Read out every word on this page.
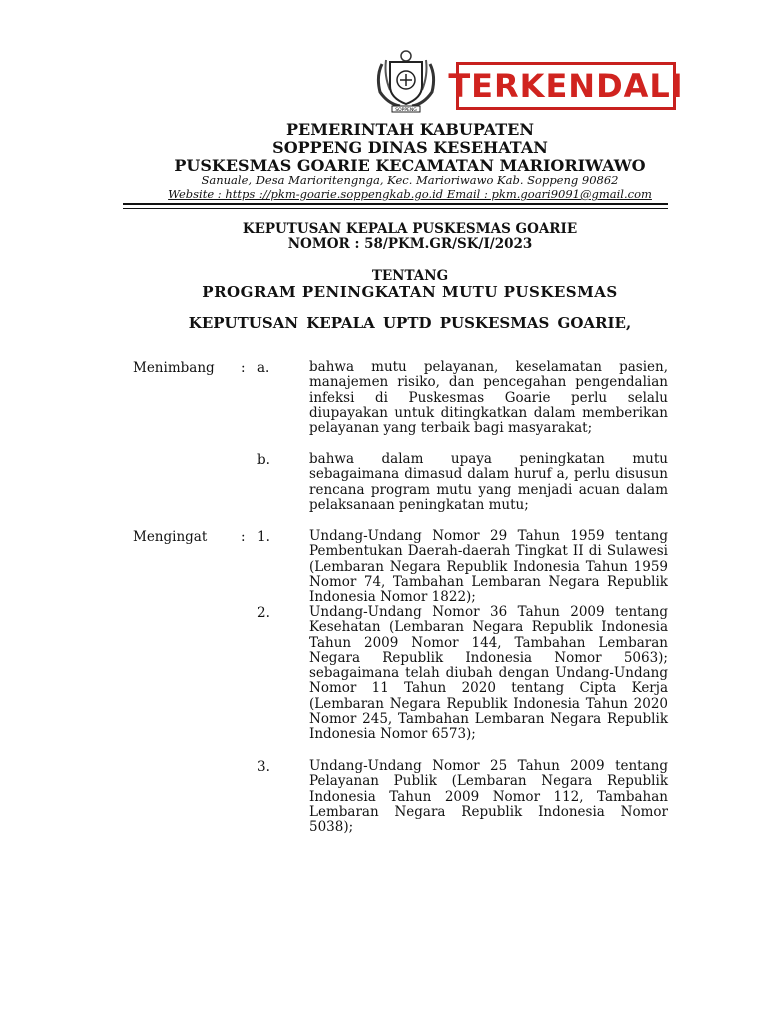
SOPPENG
TERKENDALI
PEMERINTAH KABUPATEN
SOPPENG DINAS KESEHATAN
PUSKESMAS GOARIE KECAMATAN MARIORIWAWO
Sanuale, Desa Marioritengnga, Kec. Marioriwawo Kab. Soppeng 90862
Website : https ://pkm-goarie.soppengkab.go.id Email : pkm.goari9091@gmail.com
KEPUTUSAN KEPALA PUSKESMAS GOARIE
NOMOR : 58/PKM.GR/SK/I/2023
TENTANG
PROGRAM PENINGKATAN MUTU PUSKESMAS
KEPUTUSAN KEPALA UPTD PUSKESMAS GOARIE,
Menimbang : a.	bahwa mutu pelayanan, keselamatan pasien, manajemen risiko, dan pencegahan pengendalian infeksi di Puskesmas Goarie perlu selalu diupayakan untuk ditingkatkan dalam memberikan pelayanan yang terbaik bagi masyarakat;
b.	bahwa dalam upaya peningkatan mutu sebagaimana dimasud dalam huruf a, perlu disusun rencana program mutu yang menjadi acuan dalam pelaksanaan peningkatan mutu;
Mengingat : 1.	Undang-Undang Nomor 29 Tahun 1959 tentang Pembentukan Daerah-daerah Tingkat II di Sulawesi (Lembaran Negara Republik Indonesia Tahun 1959 Nomor 74, Tambahan Lembaran Negara Republik Indonesia Nomor 1822);
2.	Undang-Undang Nomor 36 Tahun 2009 tentang Kesehatan (Lembaran Negara Republik Indonesia Tahun 2009 Nomor 144, Tambahan Lembaran Negara Republik Indonesia Nomor 5063); sebagaimana telah diubah dengan Undang-Undang Nomor 11 Tahun 2020 tentang Cipta Kerja (Lembaran Negara Republik Indonesia Tahun 2020 Nomor 245, Tambahan Lembaran Negara Republik Indonesia Nomor 6573);
3.	Undang-Undang Nomor 25 Tahun 2009 tentang Pelayanan Publik (Lembaran Negara Republik Indonesia Tahun 2009 Nomor 112, Tambahan Lembaran Negara Republik Indonesia Nomor 5038);
